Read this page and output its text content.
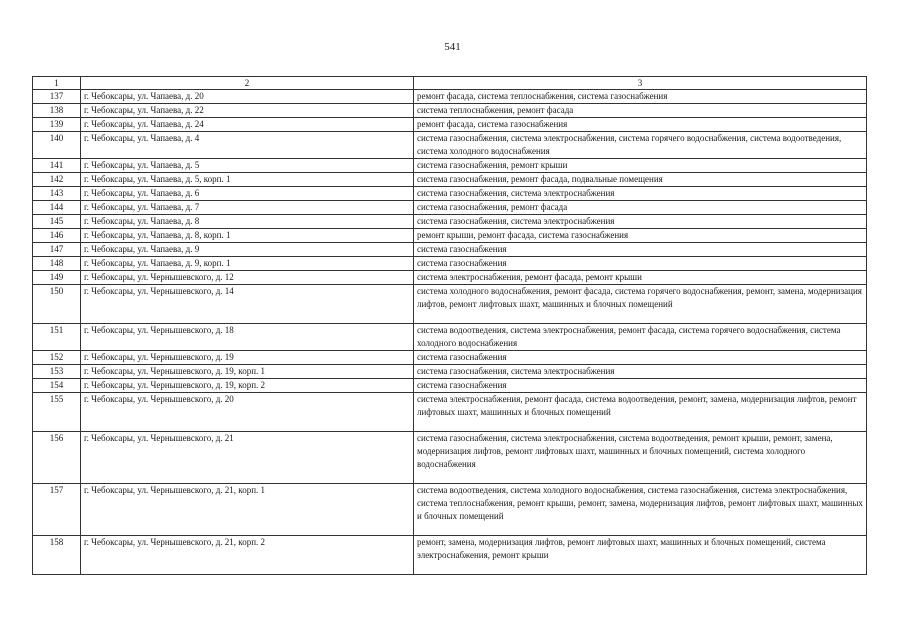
541
1	2	3
137	г. Чебоксары, ул. Чапаева, д. 20	ремонт фасада, система теплоснабжения, система газоснабжения
138	г. Чебоксары, ул. Чапаева, д. 22	система теплоснабжения, ремонт фасада
139	г. Чебоксары, ул. Чапаева, д. 24	ремонт фасада, система газоснабжения
140	г. Чебоксары, ул. Чапаева, д. 4	система газоснабжения, система электроснабжения, система горячего водоснабжения, система водоотведения, система холодного водоснабжения
141	г. Чебоксары, ул. Чапаева, д. 5	система газоснабжения, ремонт крыши
142	г. Чебоксары, ул. Чапаева, д. 5, корп. 1	система газоснабжения, ремонт фасада, подвальные помещения
143	г. Чебоксары, ул. Чапаева, д. 6	система газоснабжения, система электроснабжения
144	г. Чебоксары, ул. Чапаева, д. 7	система газоснабжения, ремонт фасада
145	г. Чебоксары, ул. Чапаева, д. 8	система газоснабжения, система электроснабжения
146	г. Чебоксары, ул. Чапаева, д. 8, корп. 1	ремонт крыши, ремонт фасада, система газоснабжения
147	г. Чебоксары, ул. Чапаева, д. 9	система газоснабжения
148	г. Чебоксары, ул. Чапаева, д. 9, корп. 1	система газоснабжения
149	г. Чебоксары, ул. Чернышевского, д. 12	система электроснабжения, ремонт фасада, ремонт крыши
150	г. Чебоксары, ул. Чернышевского, д. 14	система холодного водоснабжения, ремонт фасада, система горячего водоснабжения, ремонт, замена, модернизация лифтов, ремонт лифтовых шахт, машинных и блочных помещений
151	г. Чебоксары, ул. Чернышевского, д. 18	система водоотведения, система электроснабжения, ремонт фасада, система горячего водоснабжения, система холодного водоснабжения
152	г. Чебоксары, ул. Чернышевского, д. 19	система газоснабжения
153	г. Чебоксары, ул. Чернышевского, д. 19, корп. 1	система газоснабжения, система электроснабжения
154	г. Чебоксары, ул. Чернышевского, д. 19, корп. 2	система газоснабжения
155	г. Чебоксары, ул. Чернышевского, д. 20	система электроснабжения, ремонт фасада, система водоотведения, ремонт, замена, модернизация лифтов, ремонт лифтовых шахт, машинных и блочных помещений
156	г. Чебоксары, ул. Чернышевского, д. 21	система газоснабжения, система электроснабжения, система водоотведения, ремонт крыши, ремонт, замена, модернизация лифтов, ремонт лифтовых шахт, машинных и блочных помещений, система холодного водоснабжения
157	г. Чебоксары, ул. Чернышевского, д. 21, корп. 1	система водоотведения, система холодного водоснабжения, система газоснабжения, система электроснабжения, система теплоснабжения, ремонт крыши, ремонт, замена, модернизация лифтов, ремонт лифтовых шахт, машинных и блочных помещений
158	г. Чебоксары, ул. Чернышевского, д. 21, корп. 2	ремонт, замена, модернизация лифтов, ремонт лифтовых шахт, машинных и блочных помещений, система электроснабжения, ремонт крыши
